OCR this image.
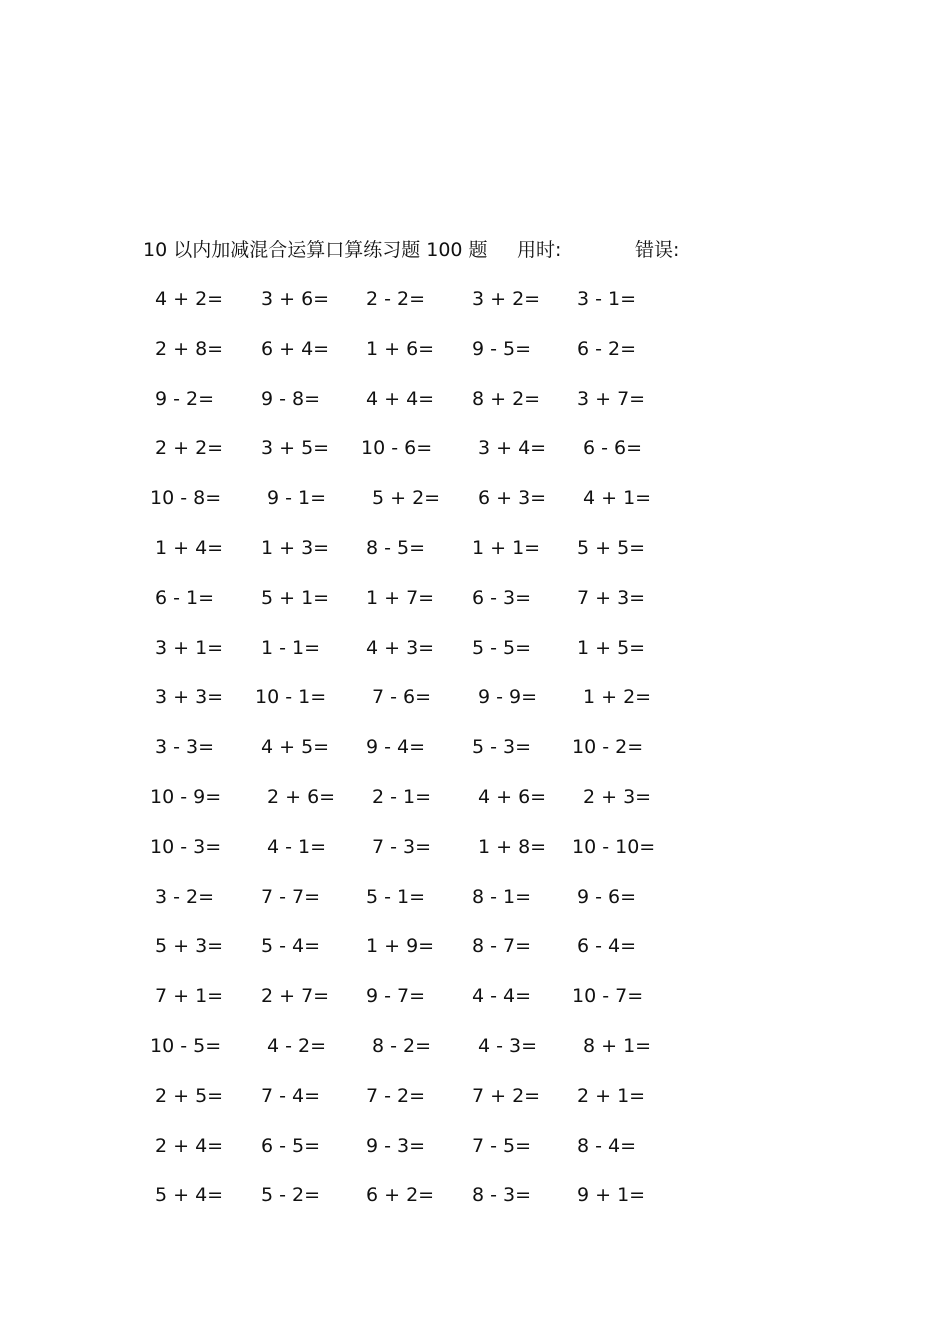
10 以内加减混合运算口算练习题 100 题 用时:	错误:
4 + 2= 3 + 6= 2 - 2= 3 + 2= 3 - 1=
2 + 8= 6 + 4= 1 + 6= 9 - 5= 6 - 2=
9 - 2= 9 - 8= 4 + 4= 8 + 2= 3 + 7=
2 + 2= 3 + 5= 10 - 6= 3 + 4= 6 - 6=
10 - 8= 9 - 1= 5 + 2= 6 + 3= 4 + 1=
1 + 4= 1 + 3= 8 - 5= 1 + 1= 5 + 5=
6 - 1= 5 + 1= 1 + 7= 6 - 3= 7 + 3=
3 + 1= 1 - 1= 4 + 3= 5 - 5= 1 + 5=
3 + 3= 10 - 1= 7 - 6= 9 - 9= 1 + 2=
3 - 3= 4 + 5= 9 - 4= 5 - 3= 10 - 2=
10 - 9= 2 + 6= 2 - 1= 4 + 6= 2 + 3=
10 - 3= 4 - 1= 7 - 3= 1 + 8= 10 - 10=
3 - 2= 7 - 7= 5 - 1= 8 - 1= 9 - 6=
5 + 3= 5 - 4= 1 + 9= 8 - 7= 6 - 4=
7 + 1= 2 + 7= 9 - 7= 4 - 4= 10 - 7=
10 - 5= 4 - 2= 8 - 2= 4 - 3= 8 + 1=
2 + 5= 7 - 4= 7 - 2= 7 + 2= 2 + 1=
2 + 4= 6 - 5= 9 - 3= 7 - 5= 8 - 4=
5 + 4= 5 - 2= 6 + 2= 8 - 3= 9 + 1=
